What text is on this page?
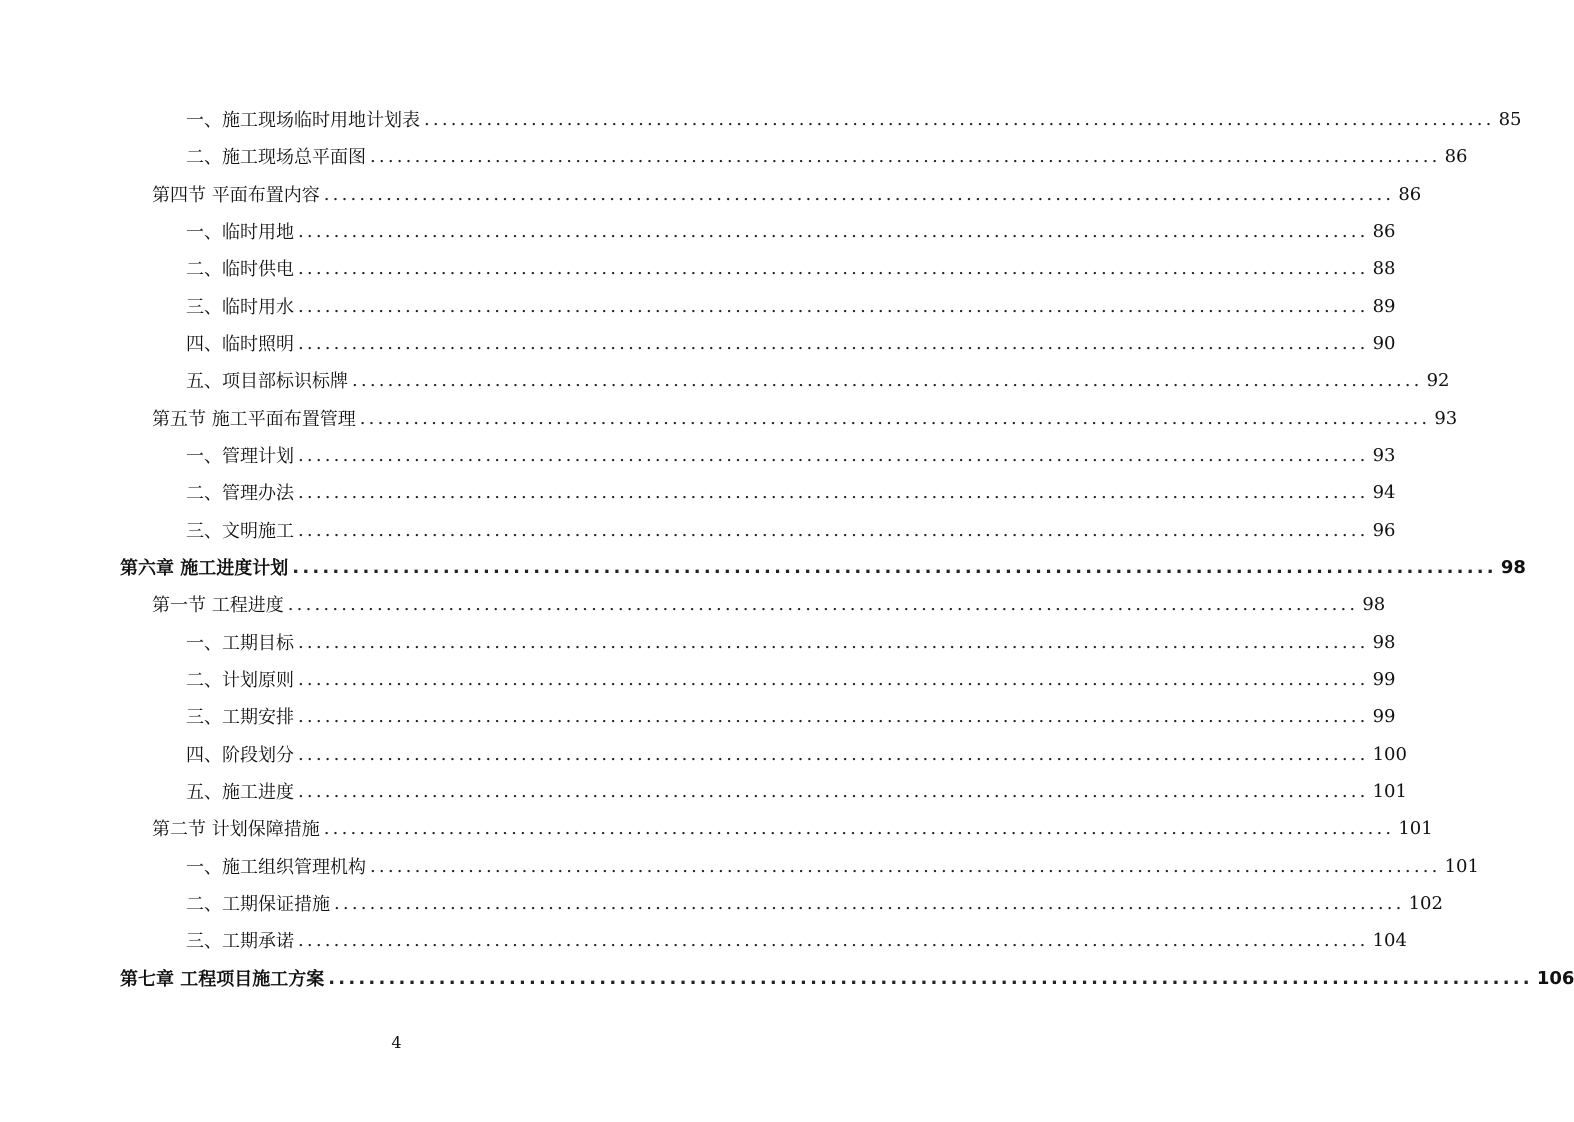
一、施工现场临时用地计划表 ........................................................................................................................ 85
二、施工现场总平面图 ........................................................................................................................ 86
第四节 平面布置内容 ........................................................................................................................ 86
一、临时用地 ........................................................................................................................ 86
二、临时供电 ........................................................................................................................ 88
三、临时用水 ........................................................................................................................ 89
四、临时照明 ........................................................................................................................ 90
五、项目部标识标牌 ........................................................................................................................ 92
第五节 施工平面布置管理 ........................................................................................................................ 93
一、管理计划 ........................................................................................................................ 93
二、管理办法 ........................................................................................................................ 94
三、文明施工 ........................................................................................................................ 96
第六章 施工进度计划 ........................................................................................................................ 98
第一节 工程进度 ........................................................................................................................ 98
一、工期目标 ........................................................................................................................ 98
二、计划原则 ........................................................................................................................ 99
三、工期安排 ........................................................................................................................ 99
四、阶段划分 ........................................................................................................................ 100
五、施工进度 ........................................................................................................................ 101
第二节 计划保障措施 ........................................................................................................................ 101
一、施工组织管理机构 ........................................................................................................................ 101
二、工期保证措施 ........................................................................................................................ 102
三、工期承诺 ........................................................................................................................ 104
第七章 工程项目施工方案 ........................................................................................................................ 106
4
